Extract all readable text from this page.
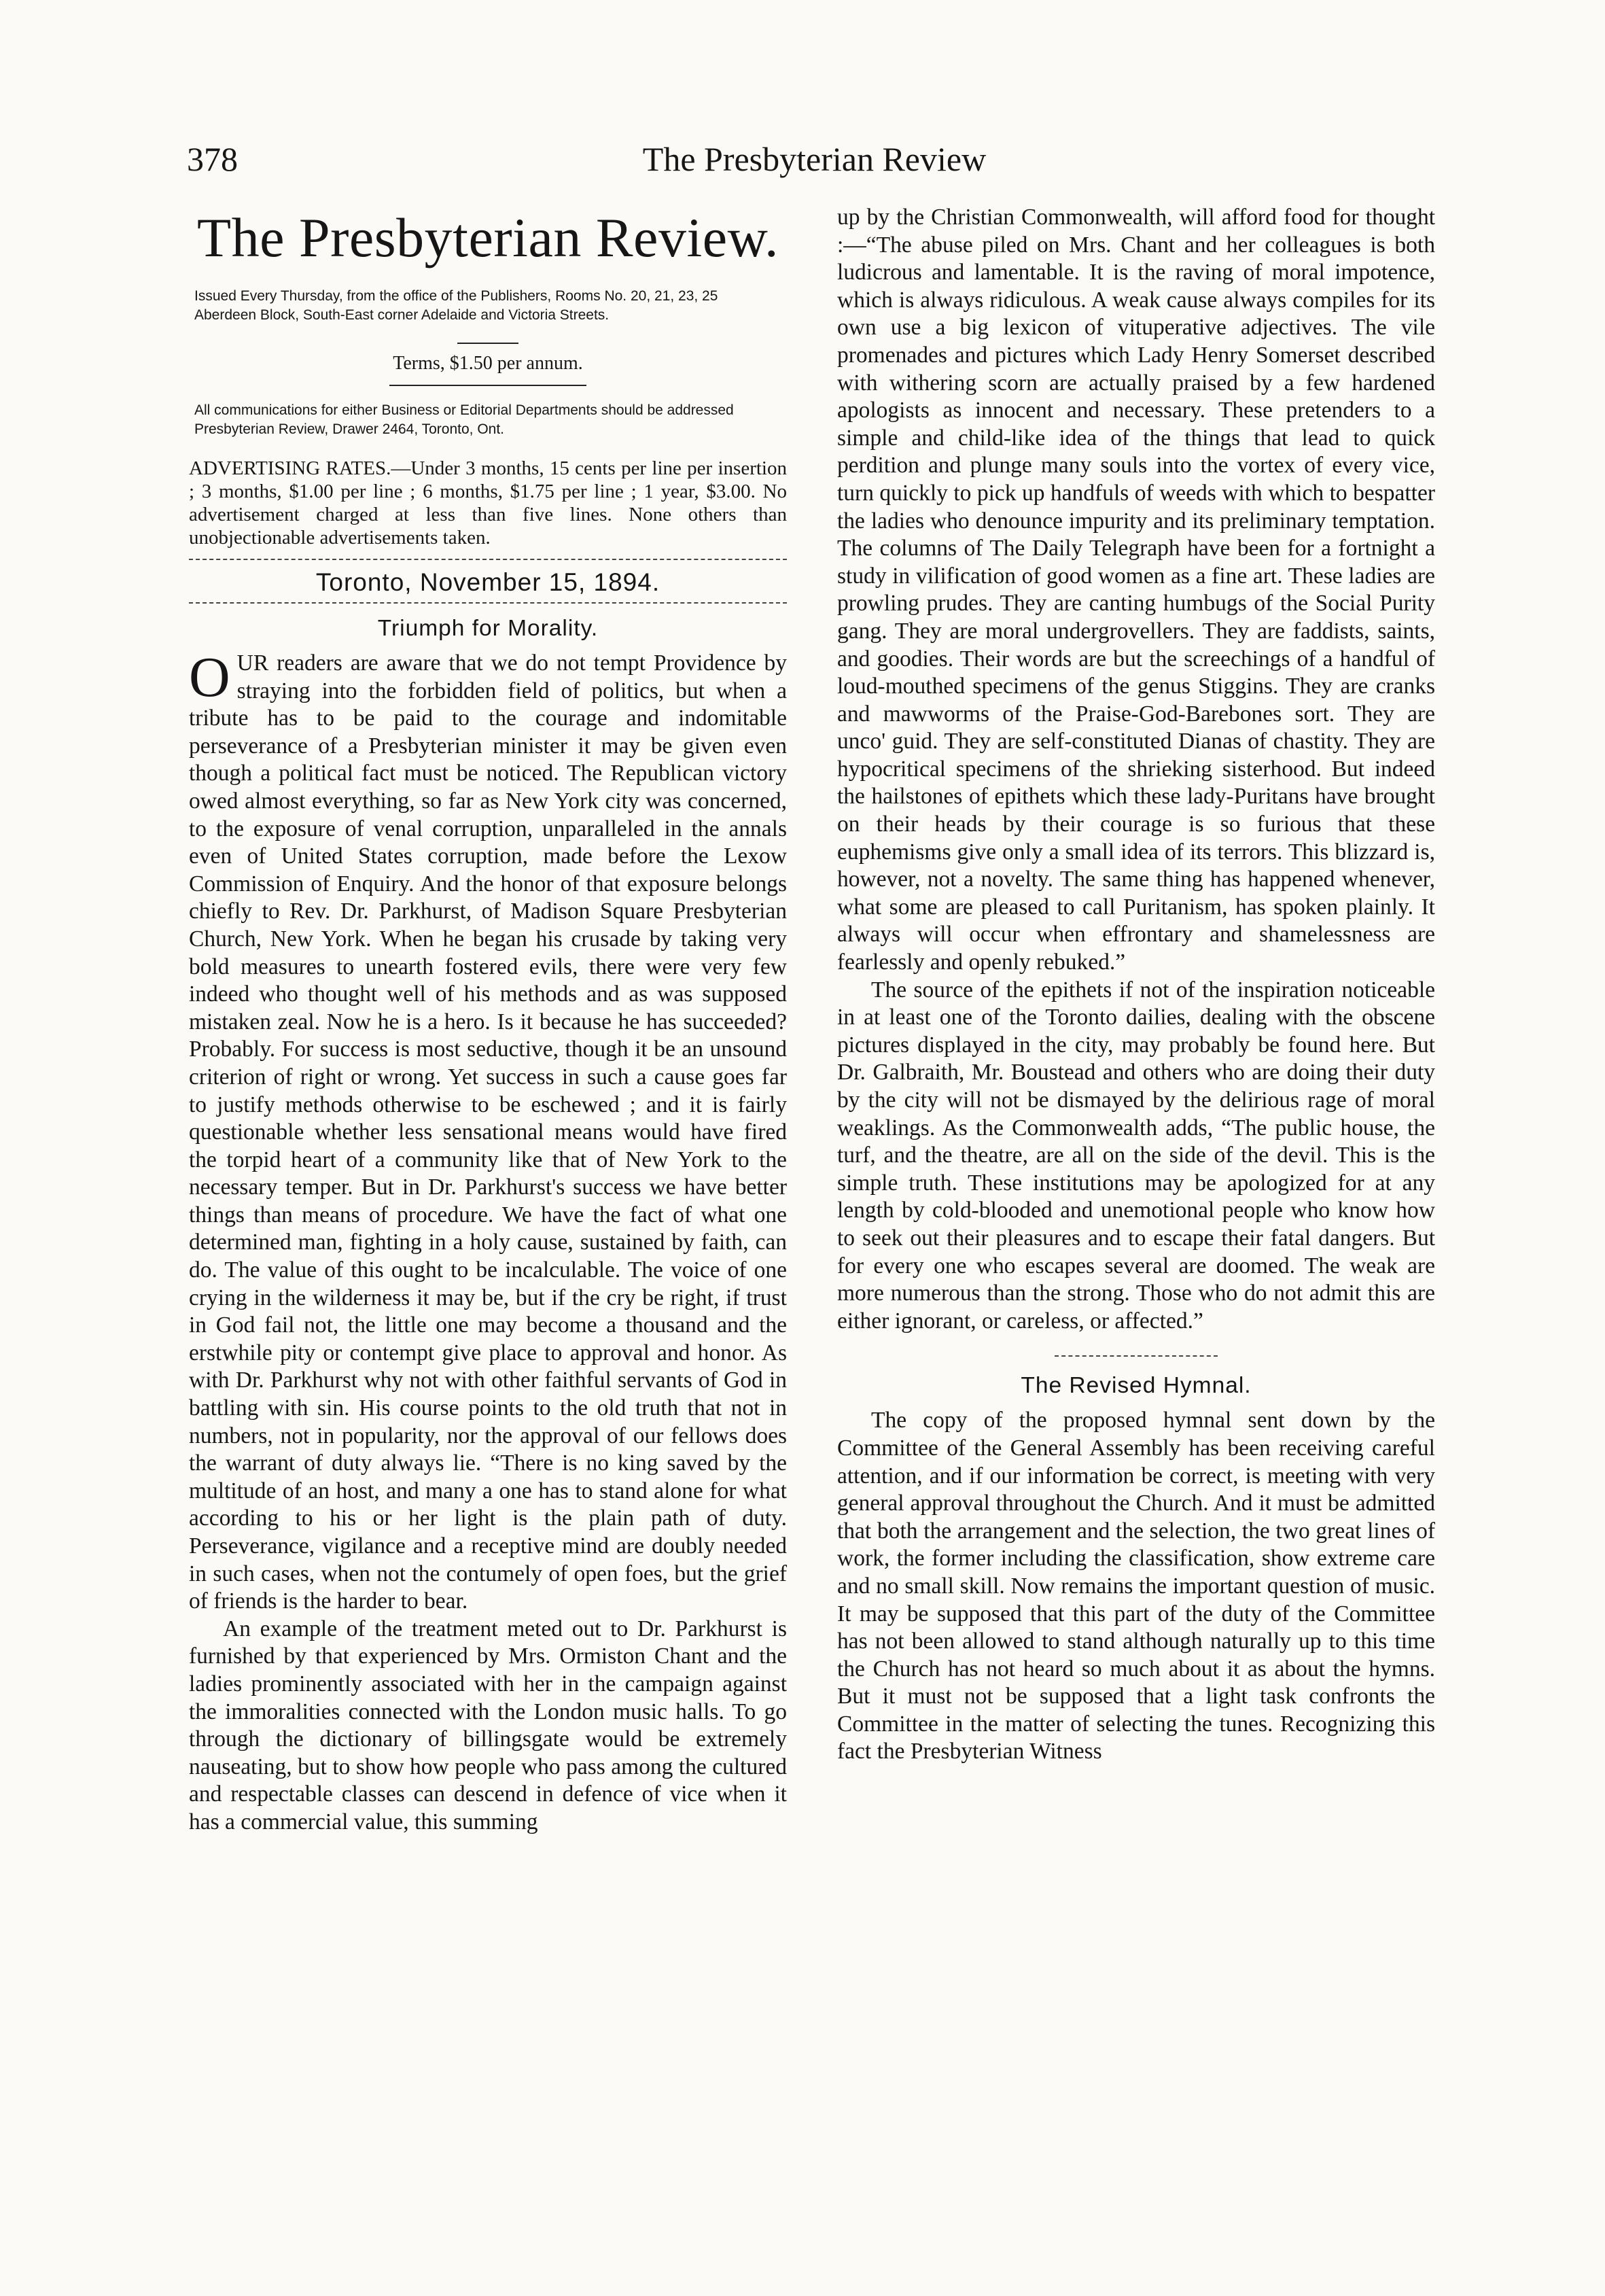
378	The Presbyterian Review
The Presbyterian Review.

Issued Every Thursday, from the office of the Publishers, Rooms No. 20, 21, 23, 25 Aberdeen Block, South-East corner Adelaide and Victoria Streets.

Terms, $1.50 per annum.

All communications for either Business or Editorial Departments should be addressed Presbyterian Review, Drawer 2464, Toronto, Ont.

ADVERTISING RATES.—Under 3 months, 15 cents per line per insertion ; 3 months, $1.00 per line ; 6 months, $1.75 per line ; 1 year, $3.00. No advertisement charged at less than five lines. None others than unobjectionable advertisements taken.

Toronto, November 15, 1894.
Triumph for Morality.

OUR readers are aware that we do not tempt Providence by straying into the forbidden field of politics, but when a tribute has to be paid to the courage and indomitable perseverance of a Presbyterian minister it may be given even though a political fact must be noticed. The Republican victory owed almost everything, so far as New York city was concerned, to the exposure of venal corruption, unparalleled in the annals even of United States corruption, made before the Lexow Commission of Enquiry. And the honor of that exposure belongs chiefly to Rev. Dr. Parkhurst, of Madison Square Presbyterian Church, New York. When he began his crusade by taking very bold measures to unearth fostered evils, there were very few indeed who thought well of his methods and as was supposed mistaken zeal. Now he is a hero. Is it because he has succeeded? Probably. For success is most seductive, though it be an unsound criterion of right or wrong. Yet success in such a cause goes far to justify methods otherwise to be eschewed ; and it is fairly questionable whether less sensational means would have fired the torpid heart of a community like that of New York to the necessary temper. But in Dr. Parkhurst's success we have better things than means of procedure. We have the fact of what one determined man, fighting in a holy cause, sustained by faith, can do. The value of this ought to be incalculable. The voice of one crying in the wilderness it may be, but if the cry be right, if trust in God fail not, the little one may become a thousand and the erstwhile pity or contempt give place to approval and honor. As with Dr. Parkhurst why not with other faithful servants of God in battling with sin. His course points to the old truth that not in numbers, not in popularity, nor the approval of our fellows does the warrant of duty always lie. “There is no king saved by the multitude of an host, and many a one has to stand alone for what according to his or her light is the plain path of duty. Perseverance, vigilance and a receptive mind are doubly needed in such cases, when not the contumely of open foes, but the grief of friends is the harder to bear.

An example of the treatment meted out to Dr. Parkhurst is furnished by that experienced by Mrs. Ormiston Chant and the ladies prominently associated with her in the campaign against the immoralities connected with the London music halls. To go through the dictionary of billingsgate would be extremely nauseating, but to show how people who pass among the cultured and respectable classes can descend in defence of vice when it has a commercial value, this summing

up by the Christian Commonwealth, will afford food for thought :—“The abuse piled on Mrs. Chant and her colleagues is both ludicrous and lamentable. It is the raving of moral impotence, which is always ridiculous. A weak cause always compiles for its own use a big lexicon of vituperative adjectives. The vile promenades and pictures which Lady Henry Somerset described with withering scorn are actually praised by a few hardened apologists as innocent and necessary. These pretenders to a simple and child-like idea of the things that lead to quick perdition and plunge many souls into the vortex of every vice, turn quickly to pick up handfuls of weeds with which to bespatter the ladies who denounce impurity and its preliminary temptation. The columns of The Daily Telegraph have been for a fortnight a study in vilification of good women as a fine art. These ladies are prowling prudes. They are canting humbugs of the Social Purity gang. They are moral undergrovellers. They are faddists, saints, and goodies. Their words are but the screechings of a handful of loud-mouthed specimens of the genus Stiggins. They are cranks and mawworms of the Praise-God-Barebones sort. They are unco' guid. They are self-constituted Dianas of chastity. They are hypocritical specimens of the shrieking sisterhood. But indeed the hailstones of epithets which these lady-Puritans have brought on their heads by their courage is so furious that these euphemisms give only a small idea of its terrors. This blizzard is, however, not a novelty. The same thing has happened whenever, what some are pleased to call Puritanism, has spoken plainly. It always will occur when effrontary and shamelessness are fearlessly and openly rebuked.”

The source of the epithets if not of the inspiration noticeable in at least one of the Toronto dailies, dealing with the obscene pictures displayed in the city, may probably be found here. But Dr. Galbraith, Mr. Boustead and others who are doing their duty by the city will not be dismayed by the delirious rage of moral weaklings. As the Commonwealth adds, “The public house, the turf, and the theatre, are all on the side of the devil. This is the simple truth. These institutions may be apologized for at any length by cold-blooded and unemotional people who know how to seek out their pleasures and to escape their fatal dangers. But for every one who escapes several are doomed. The weak are more numerous than the strong. Those who do not admit this are either ignorant, or careless, or affected.”

The Revised Hymnal.

The copy of the proposed hymnal sent down by the Committee of the General Assembly has been receiving careful attention, and if our information be correct, is meeting with very general approval throughout the Church. And it must be admitted that both the arrangement and the selection, the two great lines of work, the former including the classification, show extreme care and no small skill. Now remains the important question of music. It may be supposed that this part of the duty of the Committee has not been allowed to stand although naturally up to this time the Church has not heard so much about it as about the hymns. But it must not be supposed that a light task confronts the Committee in the matter of selecting the tunes. Recognizing this fact the Presbyterian Witness
